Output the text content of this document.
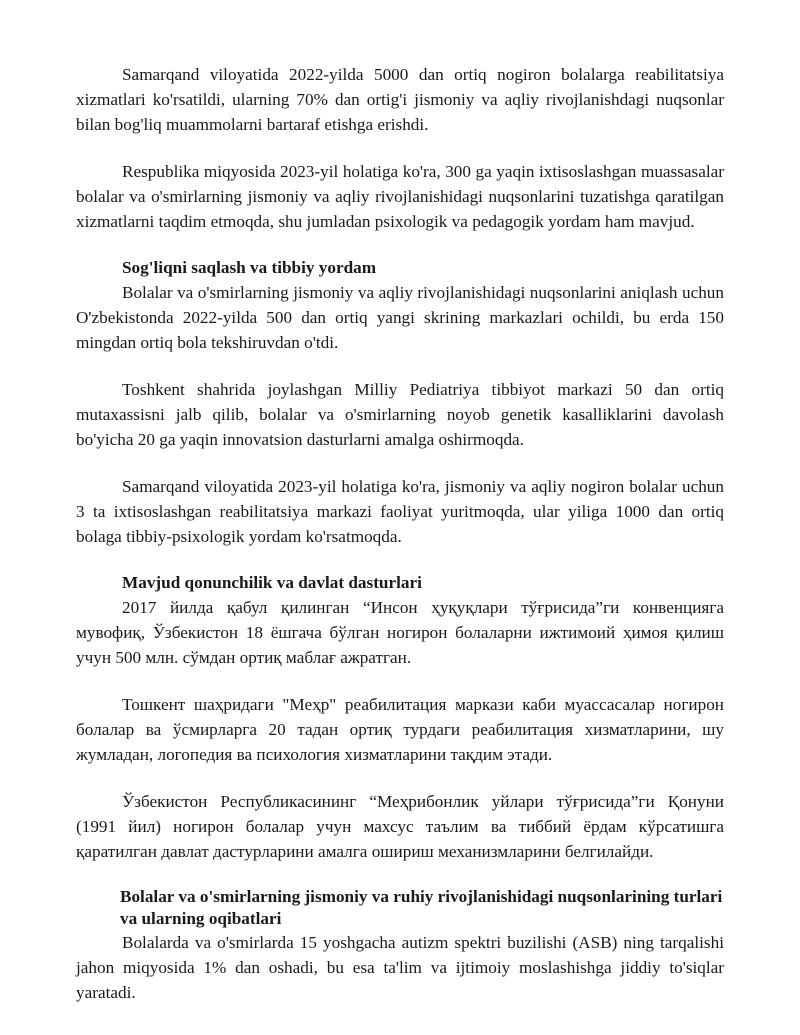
Samarqand viloyatida 2022-yilda 5000 dan ortiq nogiron bolalarga reabilitatsiya xizmatlari ko'rsatildi, ularning 70% dan ortig'i jismoniy va aqliy rivojlanishdagi nuqsonlar bilan bog'liq muammolarni bartaraf etishga erishdi.

Respublika miqyosida 2023-yil holatiga ko'ra, 300 ga yaqin ixtisoslashgan muassasalar bolalar va o'smirlarning jismoniy va aqliy rivojlanishidagi nuqsonlarini tuzatishga qaratilgan xizmatlarni taqdim etmoqda, shu jumladan psixologik va pedagogik yordam ham mavjud.

Sog'liqni saqlash va tibbiy yordam

Bolalar va o'smirlarning jismoniy va aqliy rivojlanishidagi nuqsonlarini aniqlash uchun O'zbekistonda 2022-yilda 500 dan ortiq yangi skrining markazlari ochildi, bu erda 150 mingdan ortiq bola tekshiruvdan o'tdi.

Toshkent shahrida joylashgan Milliy Pediatriya tibbiyot markazi 50 dan ortiq mutaxassisni jalb qilib, bolalar va o'smirlarning noyob genetik kasalliklarini davolash bo'yicha 20 ga yaqin innovatsion dasturlarni amalga oshirmoqda.

Samarqand viloyatida 2023-yil holatiga ko'ra, jismoniy va aqliy nogiron bolalar uchun 3 ta ixtisoslashgan reabilitatsiya markazi faoliyat yuritmoqda, ular yiliga 1000 dan ortiq bolaga tibbiy-psixologik yordam ko'rsatmoqda.

Mavjud qonunchilik va davlat dasturlari

2017 йилда қабул қилинган “Инсон ҳуқуқлари тўғрисида”ги конвенцияга мувофиқ, Ўзбекистон 18 ёшгача бўлган ногирон болаларни ижтимоий ҳимоя қилиш учун 500 млн. сўмдан ортиқ маблағ ажратган.

Тошкент шаҳридаги "Меҳр" реабилитация маркази каби муассасалар ногирон болалар ва ўсмирларга 20 тадан ортиқ турдаги реабилитация хизматларини, шу жумладан, логопедия ва психология хизматларини тақдим этади.

Ўзбекистон Республикасининг “Меҳрибонлик уйлари тўғрисида”ги Қонуни (1991 йил) ногирон болалар учун махсус таълим ва тиббий ёрдам кўрсатишга қаратилган давлат дастурларини амалга ошириш механизмларини белгилайди.

Bolalar va o'smirlarning jismoniy va ruhiy rivojlanishidagi nuqsonlarining turlari va ularning oqibatlari

Bolalarda va o'smirlarda 15 yoshgacha autizm spektri buzilishi (ASB) ning tarqalishi jahon miqyosida 1% dan oshadi, bu esa ta'lim va ijtimoiy moslashishga jiddiy to'siqlar yaratadi.
